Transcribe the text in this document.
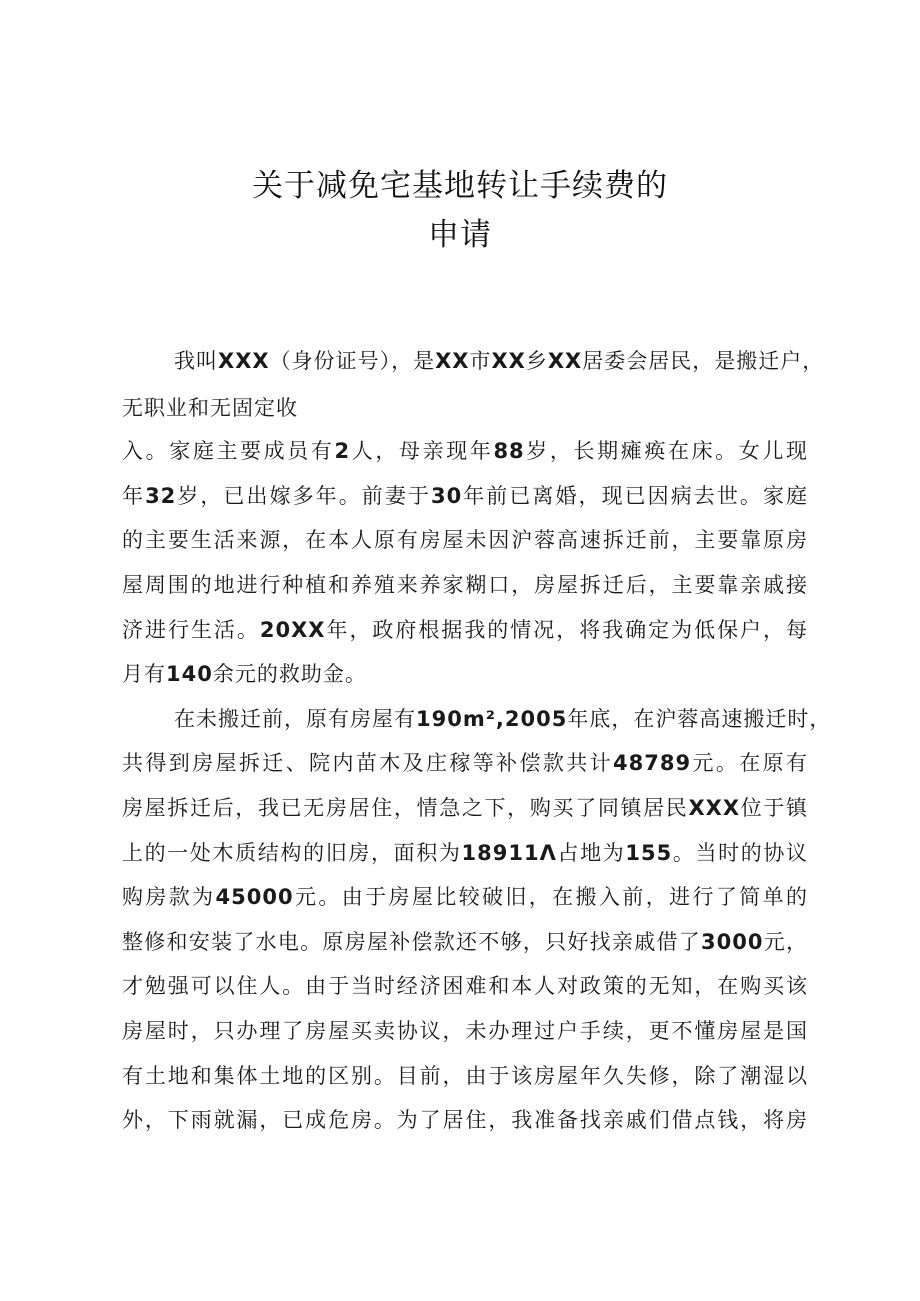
关于减免宅基地转让手续费的
申请
我叫XXX（身份证号），是XX市XX乡XX居委会居民，是搬迁户，
无职业和无固定收
入。家庭主要成员有2人，母亲现年88岁，长期瘫痪在床。女儿现
年32岁，已出嫁多年。前妻于30年前已离婚，现已因病去世。家庭
的主要生活来源，在本人原有房屋未因沪蓉高速拆迁前，主要靠原房
屋周围的地进行种植和养殖来养家糊口，房屋拆迁后，主要靠亲戚接
济进行生活。20XX年，政府根据我的情况，将我确定为低保户，每
月有140余元的救助金。
在未搬迁前，原有房屋有190m²,2005年底，在沪蓉高速搬迁时，
共得到房屋拆迁、院内苗木及庄稼等补偿款共计48789元。在原有
房屋拆迁后，我已无房居住，情急之下，购买了同镇居民XXX位于镇
上的一处木质结构的旧房，面积为18911Λ占地为155。当时的协议
购房款为45000元。由于房屋比较破旧，在搬入前，进行了简单的
整修和安装了水电。原房屋补偿款还不够，只好找亲戚借了3000元，
才勉强可以住人。由于当时经济困难和本人对政策的无知，在购买该
房屋时，只办理了房屋买卖协议，未办理过户手续，更不懂房屋是国
有土地和集体土地的区别。目前，由于该房屋年久失修，除了潮湿以
外，下雨就漏，已成危房。为了居住，我准备找亲戚们借点钱，将房
